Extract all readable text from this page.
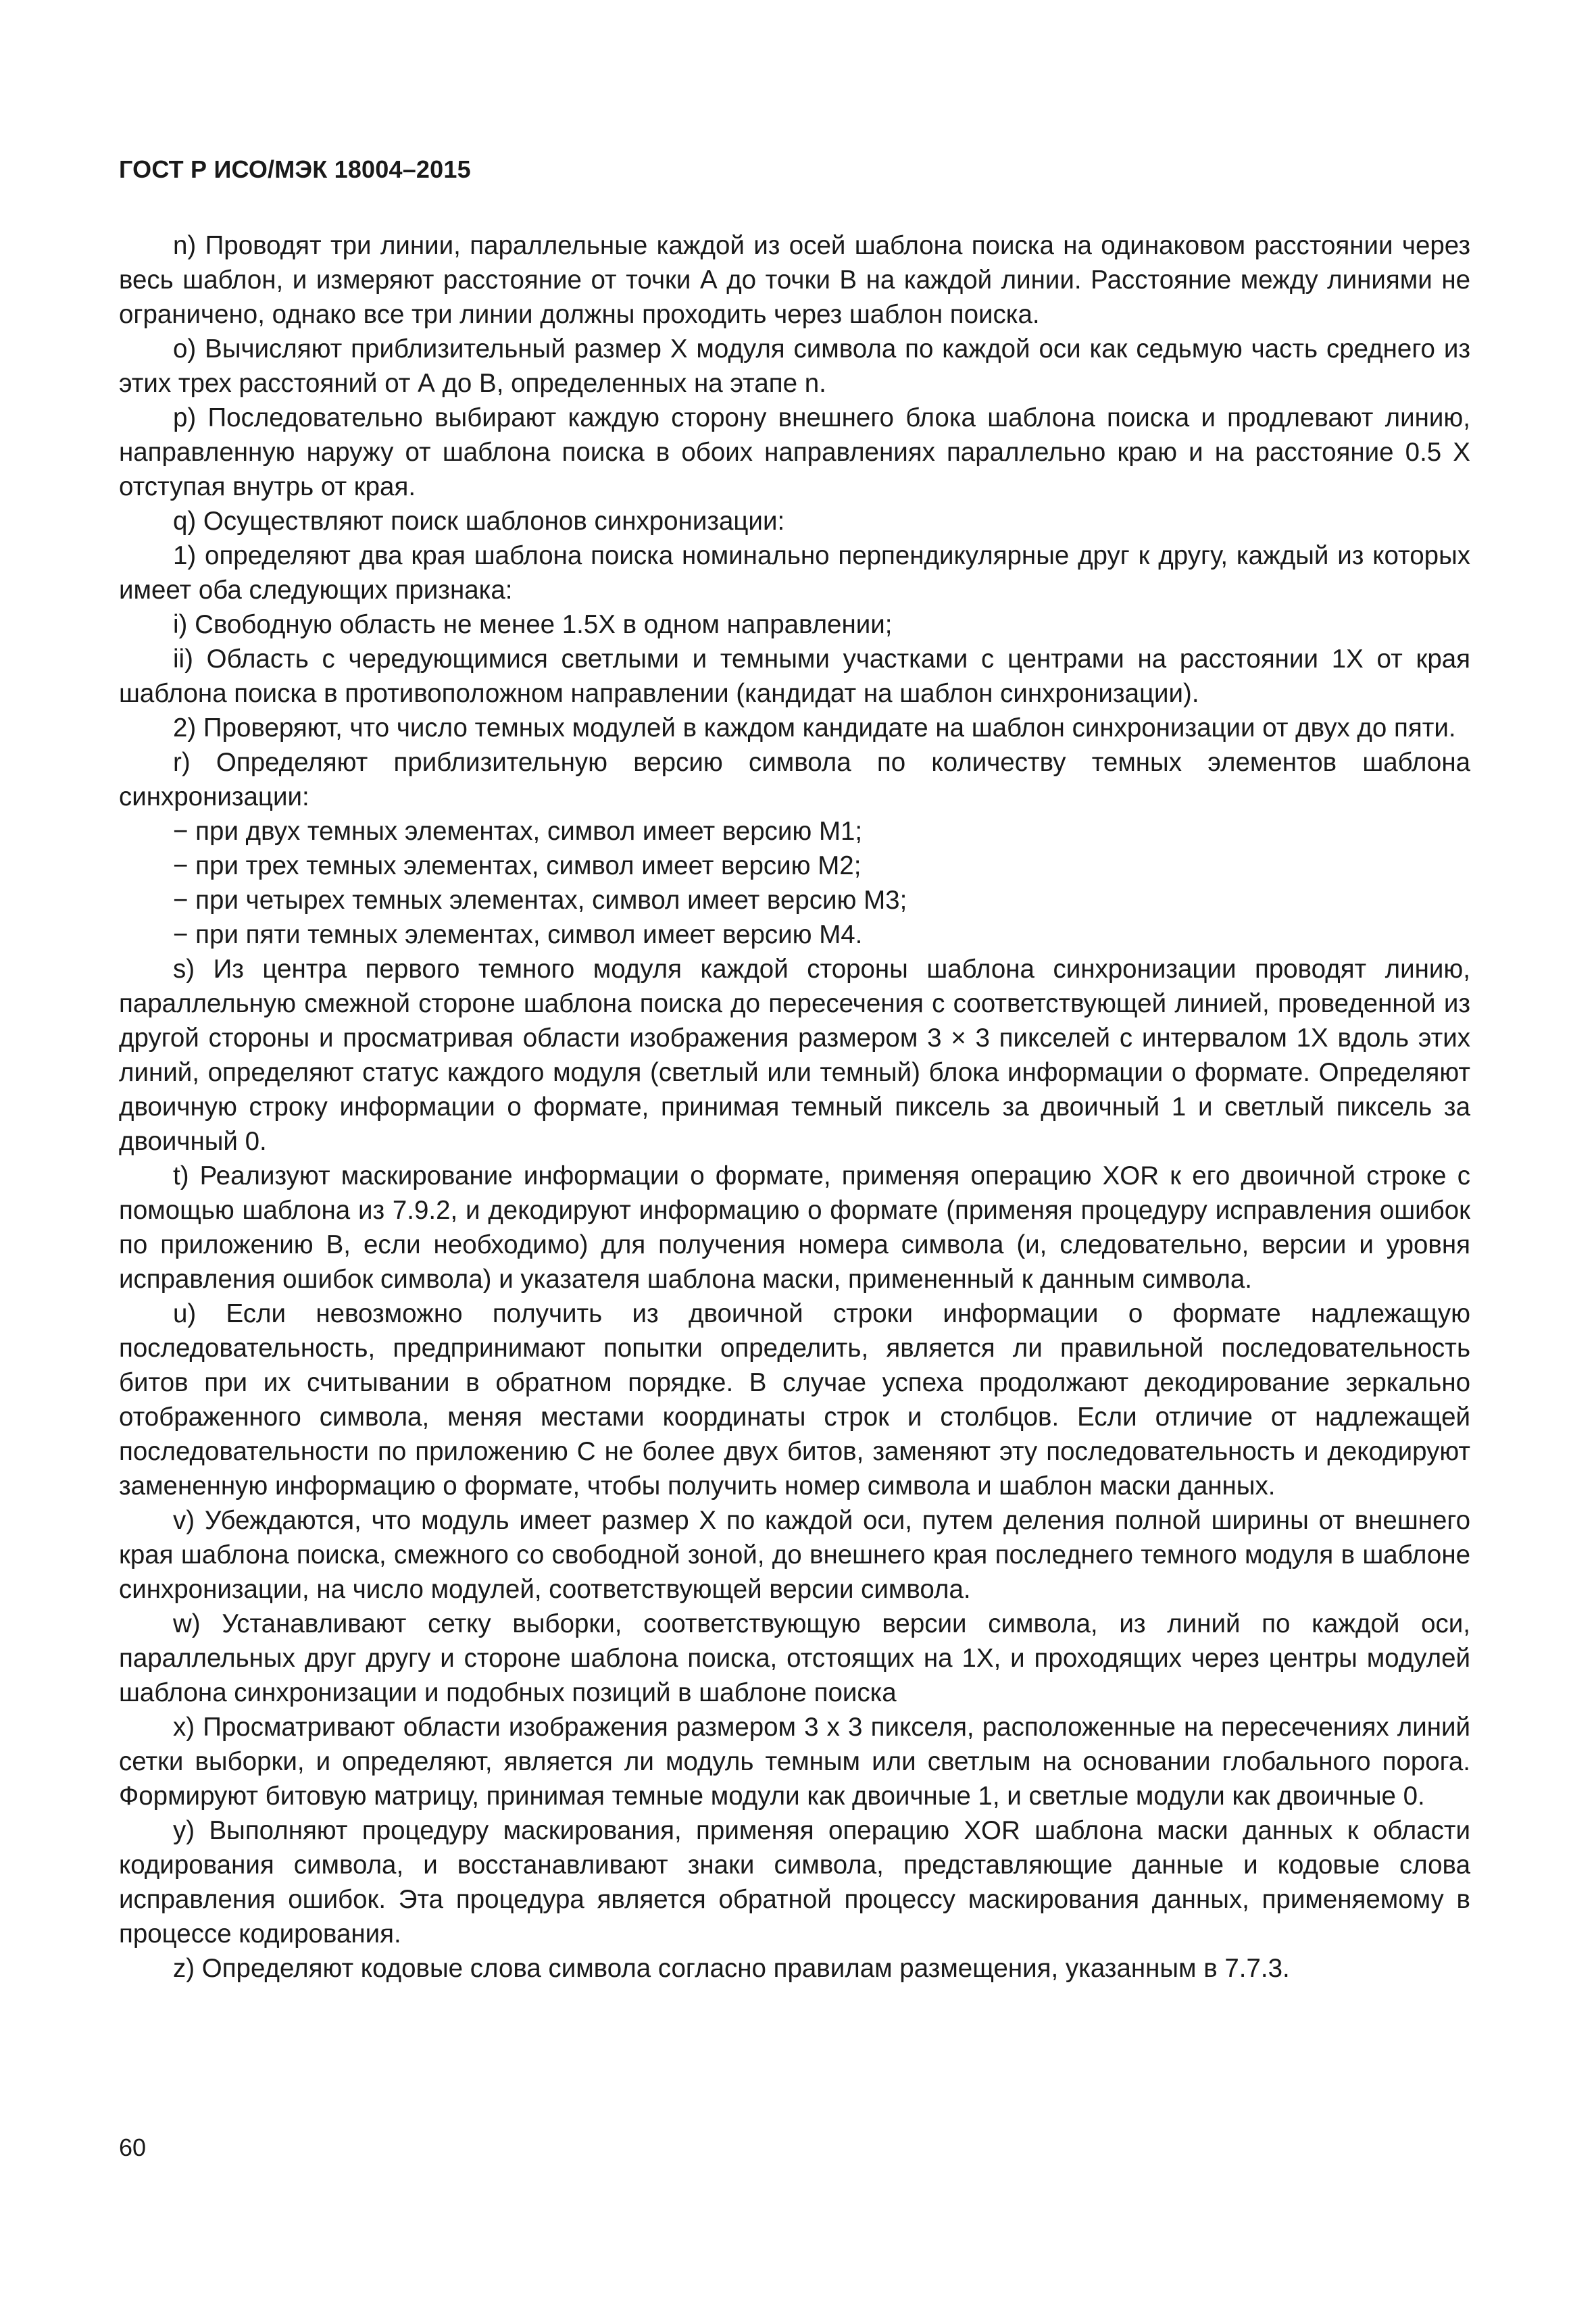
ГОСТ Р ИСО/МЭК 18004–2015

n) Проводят три линии, параллельные каждой из осей шаблона поиска на одинаковом расстоянии через весь шаблон, и измеряют расстояние от точки А до точки В на каждой линии. Расстояние между линиями не ограничено, однако все три линии должны проходить через шаблон поиска.

o) Вычисляют приблизительный размер X модуля символа по каждой оси как седьмую часть среднего из этих трех расстояний от А до В, определенных на этапе n.

p) Последовательно выбирают каждую сторону внешнего блока шаблона поиска и продлевают линию, направленную наружу от шаблона поиска в обоих направлениях параллельно краю и на расстояние 0.5 X отступая внутрь от края.

q) Осуществляют поиск шаблонов синхронизации:

1) определяют два края шаблона поиска номинально перпендикулярные друг к другу, каждый из которых имеет оба следующих признака:

i) Свободную область не менее 1.5X в одном направлении;

ii) Область с чередующимися светлыми и темными участками с центрами на расстоянии 1X от края шаблона поиска в противоположном направлении (кандидат на шаблон синхронизации).

2) Проверяют, что число темных модулей в каждом кандидате на шаблон синхронизации от двух до пяти.

r) Определяют приблизительную версию символа по количеству темных элементов шаблона синхронизации:

− при двух темных элементах, символ имеет версию M1;

− при трех темных элементах, символ имеет версию M2;

− при четырех темных элементах, символ имеет версию M3;

− при пяти темных элементах, символ имеет версию M4.

s) Из центра первого темного модуля каждой стороны шаблона синхронизации проводят линию, параллельную смежной стороне шаблона поиска до пересечения с соответствующей линией, проведенной из другой стороны и просматривая области изображения размером 3 × 3 пикселей с интервалом 1X вдоль этих линий, определяют статус каждого модуля (светлый или темный) блока информации о формате. Определяют двоичную строку информации о формате, принимая темный пиксель за двоичный 1 и светлый пиксель за двоичный 0.

t) Реализуют маскирование информации о формате, применяя операцию XOR к его двоичной строке с помощью шаблона из 7.9.2, и декодируют информацию о формате (применяя процедуру исправления ошибок по приложению В, если необходимо) для получения номера символа (и, следовательно, версии и уровня исправления ошибок символа) и указателя шаблона маски, примененный к данным символа.

u) Если невозможно получить из двоичной строки информации о формате надлежащую последовательность, предпринимают попытки определить, является ли правильной последовательность битов при их считывании в обратном порядке. В случае успеха продолжают декодирование зеркально отображенного символа, меняя местами координаты строк и столбцов. Если отличие от надлежащей последовательности по приложению С не более двух битов, заменяют эту последовательность и декодируют замененную информацию о формате, чтобы получить номер символа и шаблон маски данных.

v) Убеждаются, что модуль имеет размер X по каждой оси, путем деления полной ширины от внешнего края шаблона поиска, смежного со свободной зоной, до внешнего края последнего темного модуля в шаблоне синхронизации, на число модулей, соответствующей версии символа.

w) Устанавливают сетку выборки, соответствующую версии символа, из линий по каждой оси, параллельных друг другу и стороне шаблона поиска, отстоящих на 1X, и проходящих через центры модулей шаблона синхронизации и подобных позиций в шаблоне поиска

x) Просматривают области изображения размером 3 x 3 пикселя, расположенные на пересечениях линий сетки выборки, и определяют, является ли модуль темным или светлым на основании глобального порога. Формируют битовую матрицу, принимая темные модули как двоичные 1, и светлые модули как двоичные 0.

y) Выполняют процедуру маскирования, применяя операцию XOR шаблона маски данных к области кодирования символа, и восстанавливают знаки символа, представляющие данные и кодовые слова исправления ошибок. Эта процедура является обратной процессу маскирования данных, применяемому в процессе кодирования.

z) Определяют кодовые слова символа согласно правилам размещения, указанным в 7.7.3.

60
